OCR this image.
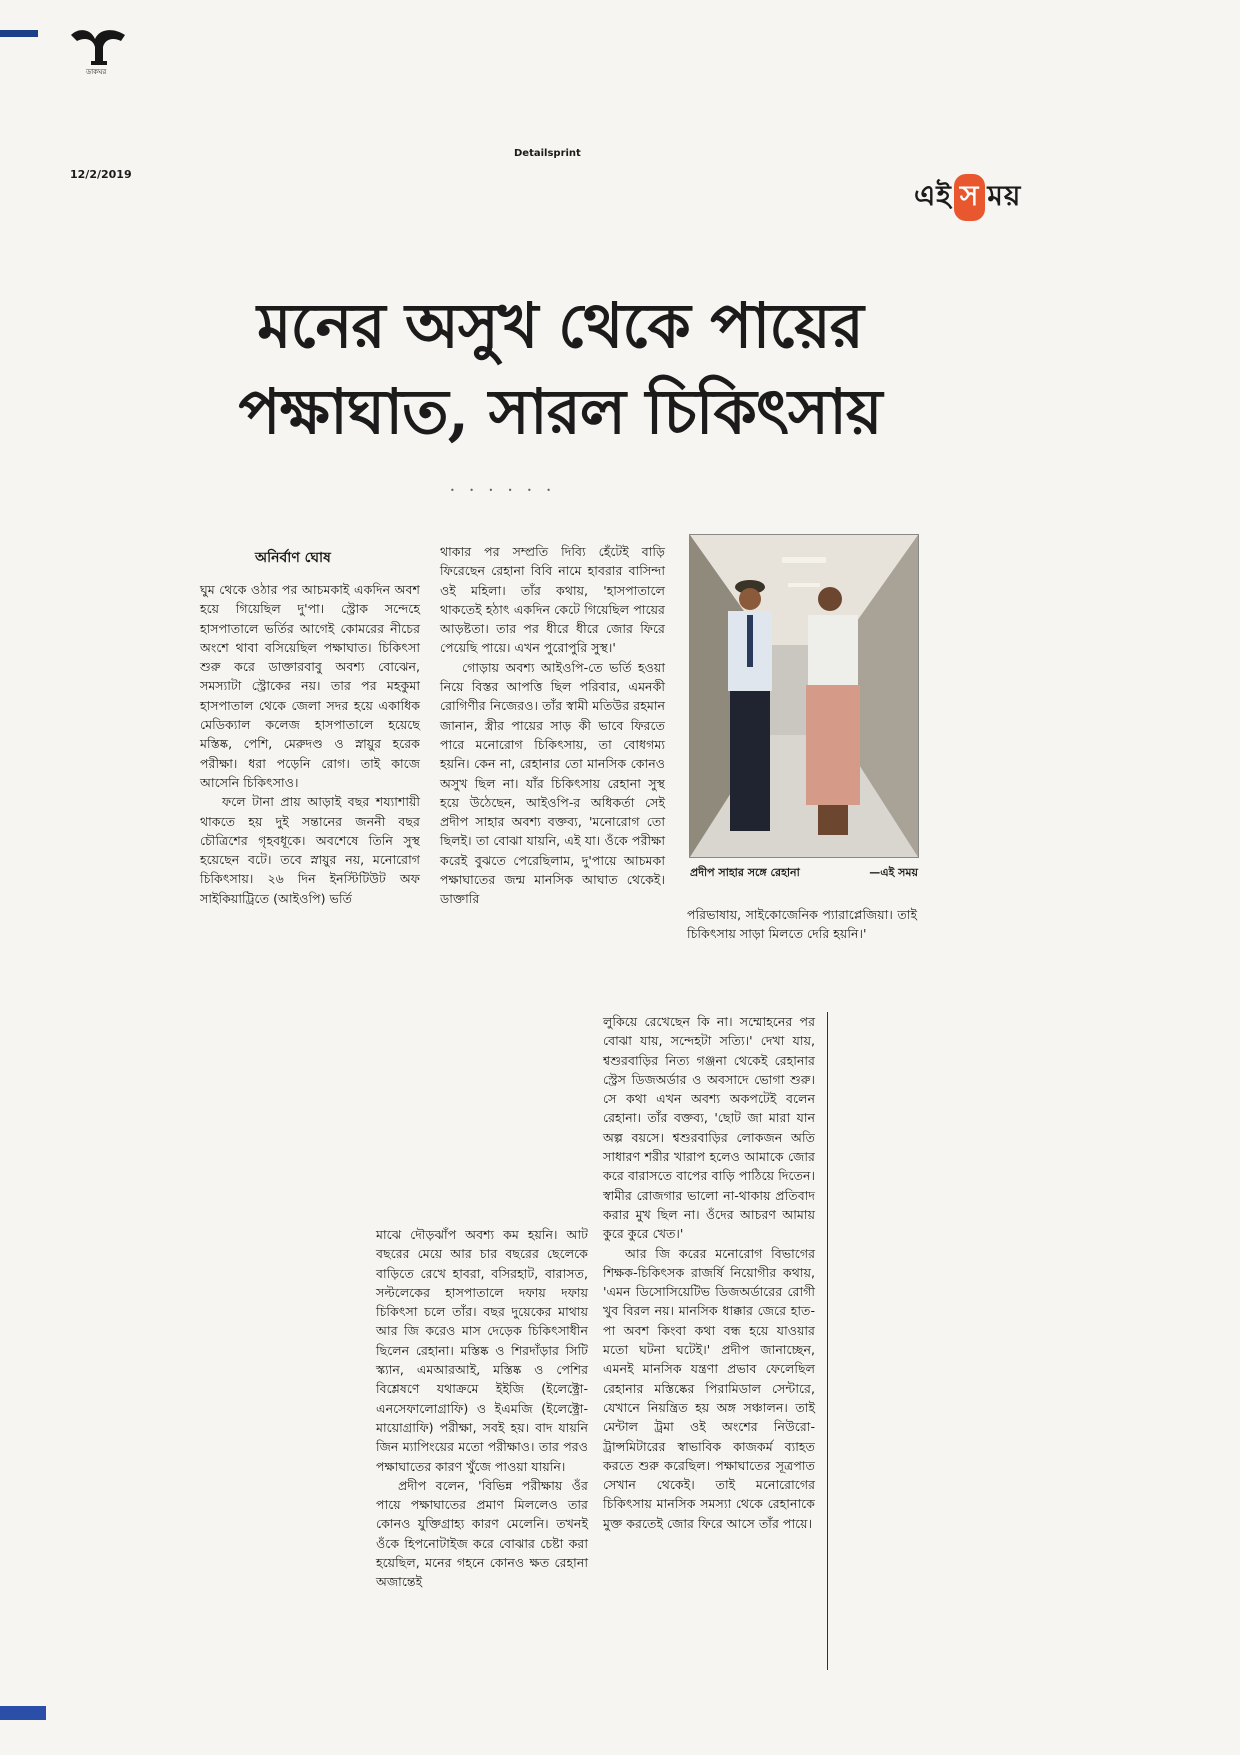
ডাকঘর
12/2/2019
Detailsprint
এই স ময়
মনের অসুখ থেকে পায়ের
পক্ষাঘাত, সারল চিকিৎসায়
• • • • • •
অনির্বাণ ঘোষ

ঘুম থেকে ওঠার পর আচমকাই একদিন অবশ হয়ে গিয়েছিল দু'পা। স্ট্রোক সন্দেহে হাসপাতালে ভর্তির আগেই কোমরের নীচের অংশে থাবা বসিয়েছিল পক্ষাঘাত। চিকিৎসা শুরু করে ডাক্তারবাবু অবশ্য বোঝেন, সমস্যাটা স্ট্রোকের নয়। তার পর মহকুমা হাসপাতাল থেকে জেলা সদর হয়ে একাধিক মেডিক্যাল কলেজ হাসপাতালে হয়েছে মস্তিষ্ক, পেশি, মেরুদণ্ড ও স্নায়ুর হরেক পরীক্ষা। ধরা পড়েনি রোগ। তাই কাজে আসেনি চিকিৎসাও।

ফলে টানা প্রায় আড়াই বছর শয্যাশায়ী থাকতে হয় দুই সন্তানের জননী বছর চৌত্রিশের গৃহবধূকে। অবশেষে তিনি সুস্থ হয়েছেন বটে। তবে স্নায়ুর নয়, মনোরোগ চিকিৎসায়। ২৬ দিন ইনস্টিটিউট অফ সাইকিয়াট্রিতে (আইওপি) ভর্তি

থাকার পর সম্প্রতি দিব্যি হেঁটেই বাড়ি ফিরেছেন রেহানা বিবি নামে হাবরার বাসিন্দা ওই মহিলা। তাঁর কথায়, 'হাসপাতালে থাকতেই হঠাৎ একদিন কেটে গিয়েছিল পায়ের আড়ষ্টতা। তার পর ধীরে ধীরে জোর ফিরে পেয়েছি পায়ে। এখন পুরোপুরি সুস্থ।'

গোড়ায় অবশ্য আইওপি-তে ভর্তি হওয়া নিয়ে বিস্তর আপত্তি ছিল পরিবার, এমনকী রোগিণীর নিজেরও। তাঁর স্বামী মতিউর রহমান জানান, স্ত্রীর পায়ের সাড় কী ভাবে ফিরতে পারে মনোরোগ চিকিৎসায়, তা বোধগম্য হয়নি। কেন না, রেহানার তো মানসিক কোনও অসুখ ছিল না। যাঁর চিকিৎসায় রেহানা সুস্থ হয়ে উঠেছেন, আইওপি-র অধিকর্তা সেই প্রদীপ সাহার অবশ্য বক্তব্য, 'মনোরোগ তো ছিলই। তা বোঝা যায়নি, এই যা। ওঁকে পরীক্ষা করেই বুঝতে পেরেছিলাম, দু'পায়ে আচমকা পক্ষাঘাতের জন্ম মানসিক আঘাত থেকেই। ডাক্তারি

প্রদীপ সাহার সঙ্গে রেহানা	—এই সময়

পরিভাষায়, সাইকোজেনিক প্যারাপ্লেজিয়া। তাই চিকিৎসায় সাড়া মিলতে দেরি হয়নি।'

লুকিয়ে রেখেছেন কি না। সম্মোহনের পর বোঝা যায়, সন্দেহটা সত্যি।' দেখা যায়, শ্বশুরবাড়ির নিত্য গঞ্জনা থেকেই রেহানার স্ট্রেস ডিজঅর্ডার ও অবসাদে ভোগা শুরু। সে কথা এখন অবশ্য অকপটেই বলেন রেহানা। তাঁর বক্তব্য, 'ছোট জা মারা যান অল্প বয়সে। শ্বশুরবাড়ির লোকজন অতি সাধারণ শরীর খারাপ হলেও আমাকে জোর করে বারাসতে বাপের বাড়ি পাঠিয়ে দিতেন। স্বামীর রোজগার ভালো না-থাকায় প্রতিবাদ করার মুখ ছিল না। ওঁদের আচরণ আমায় কুরে কুরে খেত।'

আর জি করের মনোরোগ বিভাগের শিক্ষক-চিকিৎসক রাজর্ষি নিয়োগীর কথায়, 'এমন ডিসোসিয়েটিভ ডিজঅর্ডারের রোগী খুব বিরল নয়। মানসিক ধাক্কার জেরে হাত-পা অবশ কিংবা কথা বন্ধ হয়ে যাওয়ার মতো ঘটনা ঘটেই।' প্রদীপ জানাচ্ছেন, এমনই মানসিক যন্ত্রণা প্রভাব ফেলেছিল রেহানার মস্তিষ্কের পিরামিডাল সেন্টারে, যেখানে নিয়ন্ত্রিত হয় অঙ্গ সঞ্চালন। তাই মেন্টাল ট্রমা ওই অংশের নিউরো-ট্রান্সমিটারের স্বাভাবিক কাজকর্ম ব্যাহত করতে শুরু করেছিল। পক্ষাঘাতের সূত্রপাত সেখান থেকেই। তাই মনোরোগের চিকিৎসায় মানসিক সমস্যা থেকে রেহানাকে মুক্ত করতেই জোর ফিরে আসে তাঁর পায়ে।

মাঝে দৌড়ঝাঁপ অবশ্য কম হয়নি। আট বছরের মেয়ে আর চার বছরের ছেলেকে বাড়িতে রেখে হাবরা, বসিরহাট, বারাসত, সল্টলেকের হাসপাতালে দফায় দফায় চিকিৎসা চলে তাঁর। বছর দুয়েকের মাথায় আর জি করেও মাস দেড়েক চিকিৎসাধীন ছিলেন রেহানা। মস্তিষ্ক ও শিরদাঁড়ার সিটি স্ক্যান, এমআরআই, মস্তিষ্ক ও পেশির বিশ্লেষণে যথাক্রমে ইইজি (ইলেক্ট্রো-এনসেফালোগ্রাফি) ও ইএমজি (ইলেক্ট্রো-মায়োগ্রাফি) পরীক্ষা, সবই হয়। বাদ যায়নি জিন ম্যাপিংয়ের মতো পরীক্ষাও। তার পরও পক্ষাঘাতের কারণ খুঁজে পাওয়া যায়নি।

প্রদীপ বলেন, 'বিভিন্ন পরীক্ষায় ওঁর পায়ে পক্ষাঘাতের প্রমাণ মিললেও তার কোনও যুক্তিগ্রাহ্য কারণ মেলেনি। তখনই ওঁকে হিপনোটাইজ করে বোঝার চেষ্টা করা হয়েছিল, মনের গহনে কোনও ক্ষত রেহানা অজান্তেই
